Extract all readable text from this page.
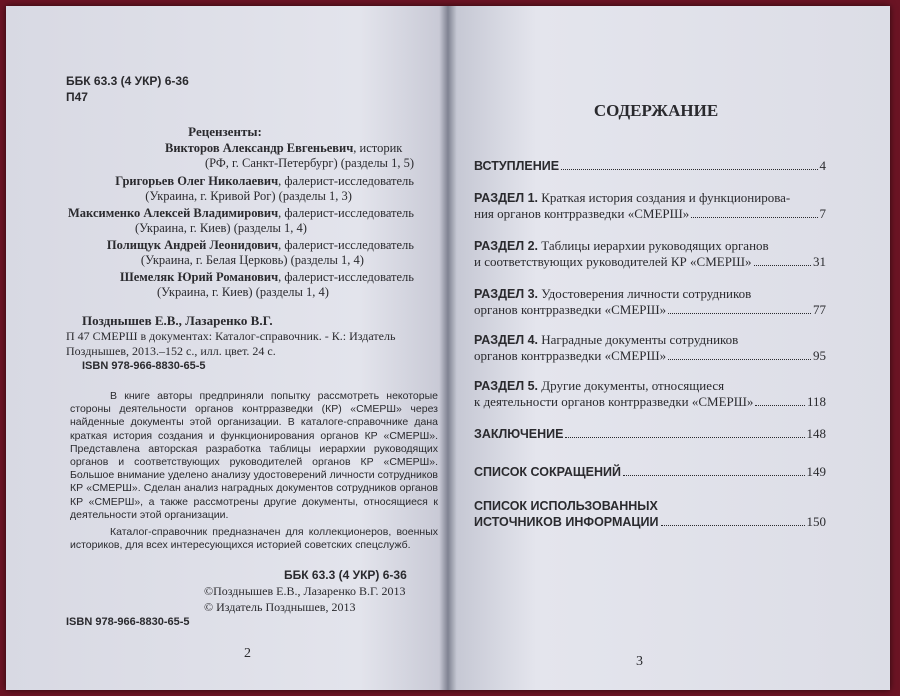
ББК 63.3 (4 УКР) 6-36
П47
Рецензенты:
Викторов Александр Евгеньевич, историк
(РФ, г. Санкт-Петербург) (разделы 1, 5)
Григорьев Олег Николаевич, фалерист-исследователь
(Украина, г. Кривой Рог) (разделы 1, 3)
Максименко Алексей Владимирович, фалерист-исследователь
(Украина, г. Киев) (разделы 1, 4)
Полищук Андрей Леонидович, фалерист-исследователь
(Украина, г. Белая Церковь) (разделы 1, 4)
Шемеляк Юрий Романович, фалерист-исследователь
(Украина, г. Киев) (разделы 1, 4)
Позднышев Е.В., Лазаренко В.Г.
П 47 СМЕРШ в документах: Каталог-справочник. - К.: Издатель
Позднышев, 2013.–152 с., илл. цвет. 24 с.
ISBN 978-966-8830-65-5
В книге авторы предприняли попытку рассмотреть некоторые стороны деятельности органов контрразведки (КР) «СМЕРШ» через найденные документы этой организации. В каталоге-справочнике дана краткая история создания и функционирования органов КР «СМЕРШ». Представлена авторская разработка таблицы иерархии руководящих органов и соответствующих руководителей органов КР «СМЕРШ». Большое внимание уделено анализу удостоверений личности сотрудников КР «СМЕРШ». Сделан анализ наградных документов сотрудников органов КР «СМЕРШ», а также рассмотрены другие документы, относящиеся к деятельности этой организации.
Каталог-справочник предназначен для коллекционеров, военных историков, для всех интересующихся историей советских спецслужб.
ББК 63.3 (4 УКР) 6-36
©Позднышев Е.В., Лазаренко В.Г. 2013
© Издатель Позднышев, 2013
ISBN 978-966-8830-65-5
2
СОДЕРЖАНИЕ
ВСТУПЛЕНИЕ	4
РАЗДЕЛ 1. Краткая история создания и функционирова-
ния органов контрразведки «СМЕРШ»	7
РАЗДЕЛ 2. Таблицы иерархии руководящих органов
и соответствующих руководителей КР «СМЕРШ»	31
РАЗДЕЛ 3. Удостоверения личности сотрудников
органов контрразведки «СМЕРШ»	77
РАЗДЕЛ 4. Наградные документы сотрудников
органов контрразведки «СМЕРШ»	95
РАЗДЕЛ 5. Другие документы, относящиеся
к деятельности органов контрразведки «СМЕРШ»	118
ЗАКЛЮЧЕНИЕ	148
СПИСОК СОКРАЩЕНИЙ	149
СПИСОК ИСПОЛЬЗОВАННЫХ
ИСТОЧНИКОВ ИНФОРМАЦИИ	150
3
